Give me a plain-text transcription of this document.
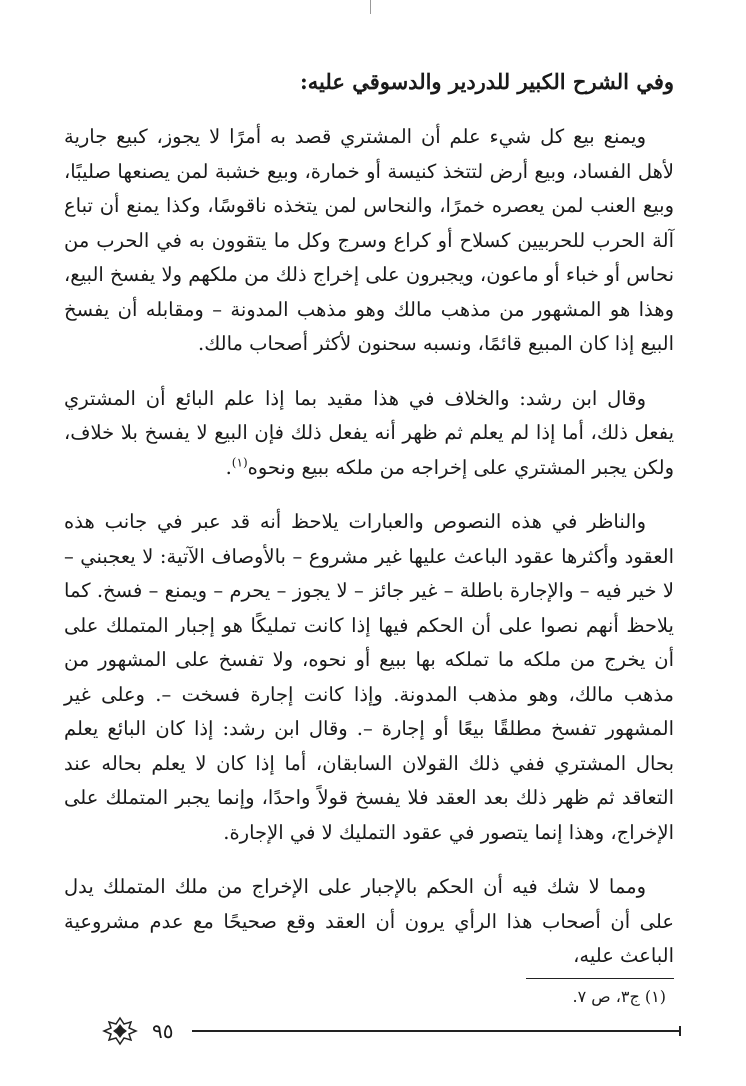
وفي الشرح الكبير للدردير والدسوقي عليه:

ويمنع بيع كل شيء علم أن المشتري قصد به أمرًا لا يجوز، كبيع جارية لأهل الفساد، وبيع أرض لتتخذ كنيسة أو خمارة، وبيع خشبة لمن يصنعها صليبًا، وبيع العنب لمن يعصره خمرًا، والنحاس لمن يتخذه ناقوسًا، وكذا يمنع أن تباع آلة الحرب للحربيين كسلاح أو كراع وسرج وكل ما يتقوون به في الحرب من نحاس أو خباء أو ماعون، ويجبرون على إخراج ذلك من ملكهم ولا يفسخ البيع، وهذا هو المشهور من مذهب مالك وهو مذهب المدونة – ومقابله أن يفسخ البيع إذا كان المبيع قائمًا، ونسبه سحنون لأكثر أصحاب مالك.

وقال ابن رشد: والخلاف في هذا مقيد بما إذا علم البائع أن المشتري يفعل ذلك، أما إذا لم يعلم ثم ظهر أنه يفعل ذلك فإن البيع لا يفسخ بلا خلاف، ولكن يجبر المشتري على إخراجه من ملكه ببيع ونحوه$^{(١)}$.

والناظر في هذه النصوص والعبارات يلاحظ أنه قد عبر في جانب هذه العقود وأكثرها عقود الباعث عليها غير مشروع – بالأوصاف الآتية: لا يعجبني – لا خير فيه – والإجارة باطلة – غير جائز – لا يجوز – يحرم – ويمنع – فسخ. كما يلاحظ أنهم نصوا على أن الحكم فيها إذا كانت تمليكًا هو إجبار المتملك على أن يخرج من ملكه ما تملكه بها ببيع أو نحوه، ولا تفسخ على المشهور من مذهب مالك، وهو مذهب المدونة. وإذا كانت إجارة فسخت –. وعلى غير المشهور تفسخ مطلقًا بيعًا أو إجارة –. وقال ابن رشد: إذا كان البائع يعلم بحال المشتري ففي ذلك القولان السابقان، أما إذا كان لا يعلم بحاله عند التعاقد ثم ظهر ذلك بعد العقد فلا يفسخ قولاً واحدًا، وإنما يجبر المتملك على الإخراج، وهذا إنما يتصور في عقود التمليك لا في الإجارة.

ومما لا شك فيه أن الحكم بالإجبار على الإخراج من ملك المتملك يدل على أن أصحاب هذا الرأي يرون أن العقد وقع صحيحًا مع عدم مشروعية الباعث عليه،

(١) ج٣، ص ٧.
٩٥
